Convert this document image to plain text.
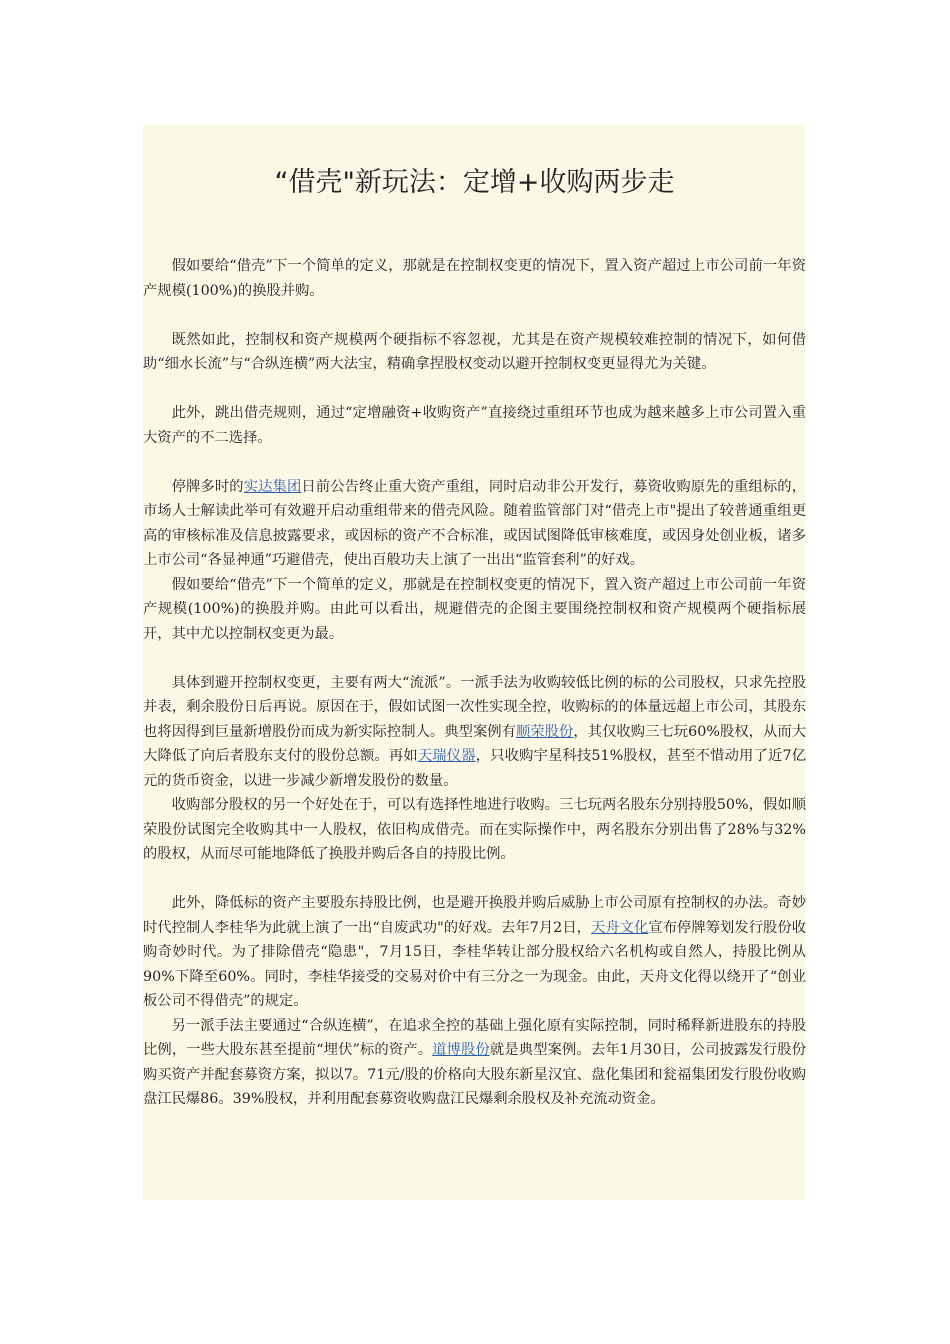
“借壳"新玩法：定增+收购两步走

假如要给“借壳”下一个简单的定义，那就是在控制权变更的情况下，置入资产超过上市公司前一年资产规模(100%)的换股并购。

既然如此，控制权和资产规模两个硬指标不容忽视，尤其是在资产规模较难控制的情况下，如何借助“细水长流”与“合纵连横”两大法宝，精确拿捏股权变动以避开控制权变更显得尤为关键。

此外，跳出借壳规则，通过“定增融资+收购资产”直接绕过重组环节也成为越来越多上市公司置入重大资产的不二选择。

停牌多时的实达集团日前公告终止重大资产重组，同时启动非公开发行，募资收购原先的重组标的，市场人士解读此举可有效避开启动重组带来的借壳风险。随着监管部门对“借壳上市"提出了较普通重组更高的审核标准及信息披露要求，或因标的资产不合标准，或因试图降低审核难度，或因身处创业板，诸多上市公司“各显神通”巧避借壳，使出百般功夫上演了一出出“监管套利”的好戏。

假如要给“借壳”下一个简单的定义，那就是在控制权变更的情况下，置入资产超过上市公司前一年资产规模(100%)的换股并购。由此可以看出，规避借壳的企图主要围绕控制权和资产规模两个硬指标展开，其中尤以控制权变更为最。

具体到避开控制权变更，主要有两大“流派”。一派手法为收购较低比例的标的公司股权，只求先控股并表，剩余股份日后再说。原因在于，假如试图一次性实现全控，收购标的的体量远超上市公司，其股东也将因得到巨量新增股份而成为新实际控制人。典型案例有顺荣股份，其仅收购三七玩60%股权，从而大大降低了向后者股东支付的股份总额。再如天瑞仪器，只收购宇星科技51%股权，甚至不惜动用了近7亿元的货币资金，以进一步减少新增发股份的数量。

收购部分股权的另一个好处在于，可以有选择性地进行收购。三七玩两名股东分别持股50%，假如顺荣股份试图完全收购其中一人股权，依旧构成借壳。而在实际操作中，两名股东分别出售了28%与32%的股权，从而尽可能地降低了换股并购后各自的持股比例。

此外，降低标的资产主要股东持股比例，也是避开换股并购后威胁上市公司原有控制权的办法。奇妙时代控制人李桂华为此就上演了一出“自废武功"的好戏。去年7月2日，天舟文化宣布停牌筹划发行股份收购奇妙时代。为了排除借壳“隐患"，7月15日，李桂华转让部分股权给六名机构或自然人，持股比例从90%下降至60%。同时，李桂华接受的交易对价中有三分之一为现金。由此，天舟文化得以绕开了“创业板公司不得借壳”的规定。

另一派手法主要通过“合纵连横”，在追求全控的基础上强化原有实际控制，同时稀释新进股东的持股比例，一些大股东甚至提前“埋伏”标的资产。道博股份就是典型案例。去年1月30日，公司披露发行股份购买资产并配套募资方案，拟以7。71元/股的价格向大股东新星汉宜、盘化集团和瓮福集团发行股份收购盘江民爆86。39%股权，并利用配套募资收购盘江民爆剩余股权及补充流动资金。
